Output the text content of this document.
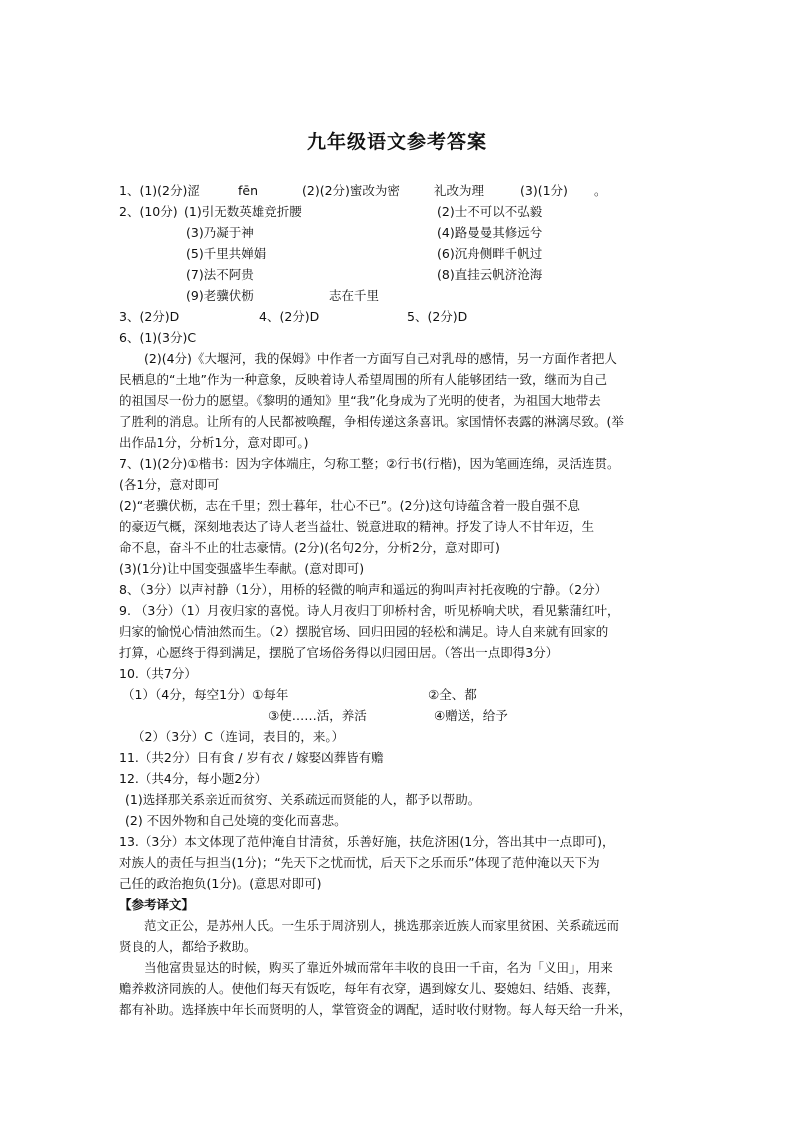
九年级语文参考答案
1、(1)(2分)涩	fēn	(2)(2分)蜜改为密	礼改为理	(3)(1分) 。
2、(10分) (1)引无数英雄竞折腰	(2)士不可以不弘毅
(3)乃凝于神	(4)路曼曼其修远兮
(5)千里共婵娟	(6)沉舟侧畔千帆过
(7)法不阿贵	(8)直挂云帆济沧海
(9)老骥伏枥	志在千里
3、(2分)D	4、(2分)D	5、(2分)D
6、(1)(3分)C
(2)(4分)《大堰河，我的保姆》中作者一方面写自己对乳母的感情，另一方面作者把人
民栖息的“土地”作为一种意象，反映着诗人希望周围的所有人能够团结一致，继而为自己
的祖国尽一份力的愿望。《黎明的通知》里“我”化身成为了光明的使者，为祖国大地带去
了胜利的消息。让所有的人民都被唤醒，争相传递这条喜讯。家国情怀表露的淋漓尽致。(举
出作品1分，分析1分，意对即可。)
7、(1)(2分)①楷书：因为字体端庄，匀称工整；②行书(行楷)，因为笔画连绵，灵活连贯。
(各1分，意对即可
(2)“老骥伏枥，志在千里；烈士暮年，壮心不已”。(2分)这句诗蕴含着一股自强不息
的豪迈气概，深刻地表达了诗人老当益壮、锐意进取的精神。抒发了诗人不甘年迈，生
命不息，奋斗不止的壮志豪情。(2分)(名句2分，分析2分，意对即可)
(3)(1分)让中国变强盛毕生奉献。(意对即可)
8、（3分）以声衬静（1分），用桥的轻微的响声和遥远的狗叫声衬托夜晚的宁静。（2分）
9. （3分）（1）月夜归家的喜悦。诗人月夜归丁卯桥村舍，听见桥响犬吠，看见紫蒲红叶，
归家的愉悦心情油然而生。（2）摆脱官场、回归田园的轻松和满足。诗人自来就有回家的
打算，心愿终于得到满足，摆脱了官场俗务得以归园田居。（答出一点即得3分）
10.（共7分）
（1）（4分，每空1分）①每年	②全、都
③使……活，养活	④赠送，给予
（2）（3分）C（连词，表目的，来。）
11.（共2分）日有食 / 岁有衣 / 嫁娶凶葬皆有赡
12.（共4分，每小题2分）
(1)选择那关系亲近而贫穷、关系疏远而贤能的人，都予以帮助。
(2) 不因外物和自己处境的变化而喜悲。
13.（3分）本文体现了范仲淹自甘清贫，乐善好施，扶危济困(1分，答出其中一点即可)，
对族人的责任与担当(1分)；“先天下之忧而忧，后天下之乐而乐”体现了范仲淹以天下为
己任的政治抱负(1分)。(意思对即可)
【参考译文】
范文正公，是苏州人氏。一生乐于周济别人，挑选那亲近族人而家里贫困、关系疏远而
贤良的人，都给予救助。
当他富贵显达的时候，购买了靠近外城而常年丰收的良田一千亩，名为「义田」，用来
赡养救济同族的人。使他们每天有饭吃，每年有衣穿，遇到嫁女儿、娶媳妇、结婚、丧葬，
都有补助。选择族中年长而贤明的人，掌管资金的调配，适时收付财物。每人每天给一升米，
